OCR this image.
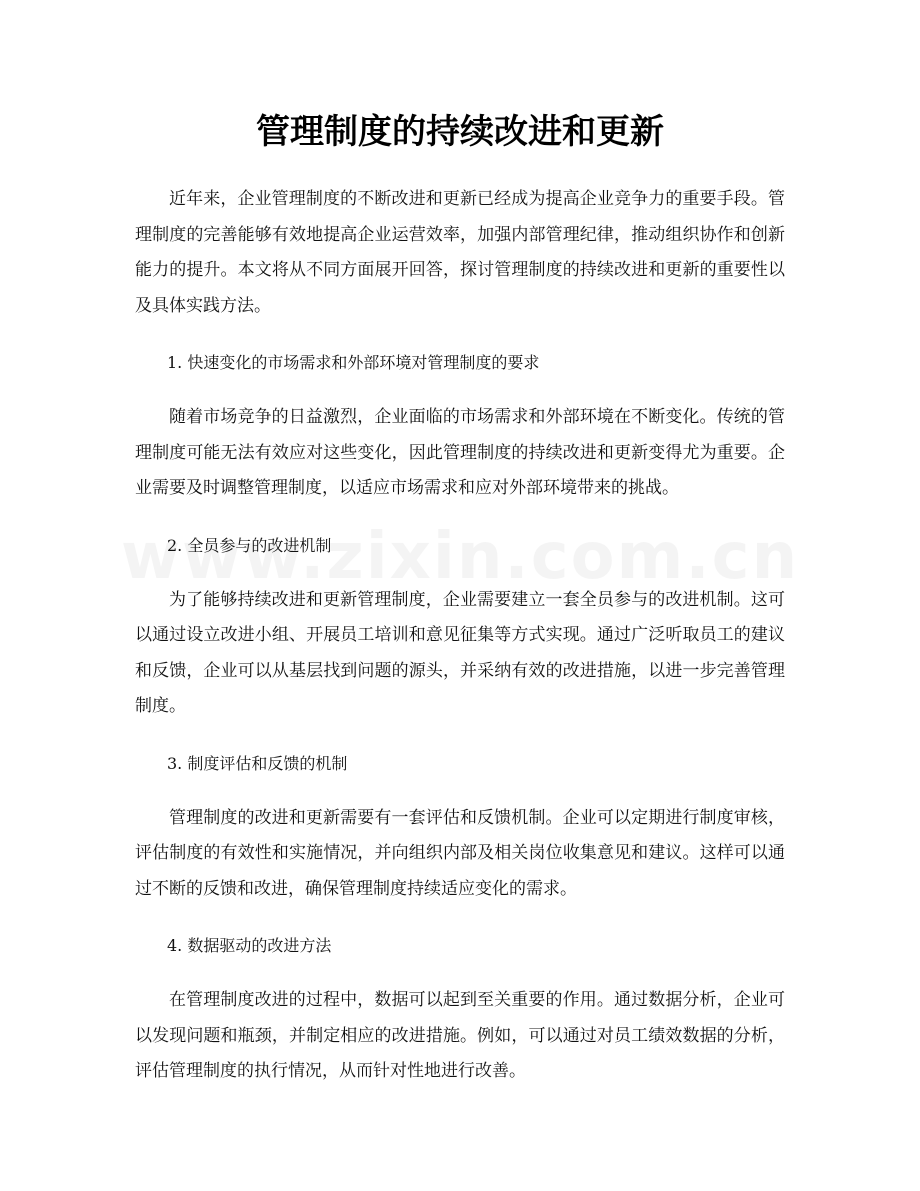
管理制度的持续改进和更新

近年来，企业管理制度的不断改进和更新已经成为提高企业竞争力的重要手段。管理制度的完善能够有效地提高企业运营效率，加强内部管理纪律，推动组织协作和创新能力的提升。本文将从不同方面展开回答，探讨管理制度的持续改进和更新的重要性以及具体实践方法。

1. 快速变化的市场需求和外部环境对管理制度的要求

随着市场竞争的日益激烈，企业面临的市场需求和外部环境在不断变化。传统的管理制度可能无法有效应对这些变化，因此管理制度的持续改进和更新变得尤为重要。企业需要及时调整管理制度，以适应市场需求和应对外部环境带来的挑战。

2. 全员参与的改进机制

为了能够持续改进和更新管理制度，企业需要建立一套全员参与的改进机制。这可以通过设立改进小组、开展员工培训和意见征集等方式实现。通过广泛听取员工的建议和反馈，企业可以从基层找到问题的源头，并采纳有效的改进措施，以进一步完善管理制度。

3. 制度评估和反馈的机制

管理制度的改进和更新需要有一套评估和反馈机制。企业可以定期进行制度审核，评估制度的有效性和实施情况，并向组织内部及相关岗位收集意见和建议。这样可以通过不断的反馈和改进，确保管理制度持续适应变化的需求。

4. 数据驱动的改进方法

在管理制度改进的过程中，数据可以起到至关重要的作用。通过数据分析，企业可以发现问题和瓶颈，并制定相应的改进措施。例如，可以通过对员工绩效数据的分析，评估管理制度的执行情况，从而针对性地进行改善。
